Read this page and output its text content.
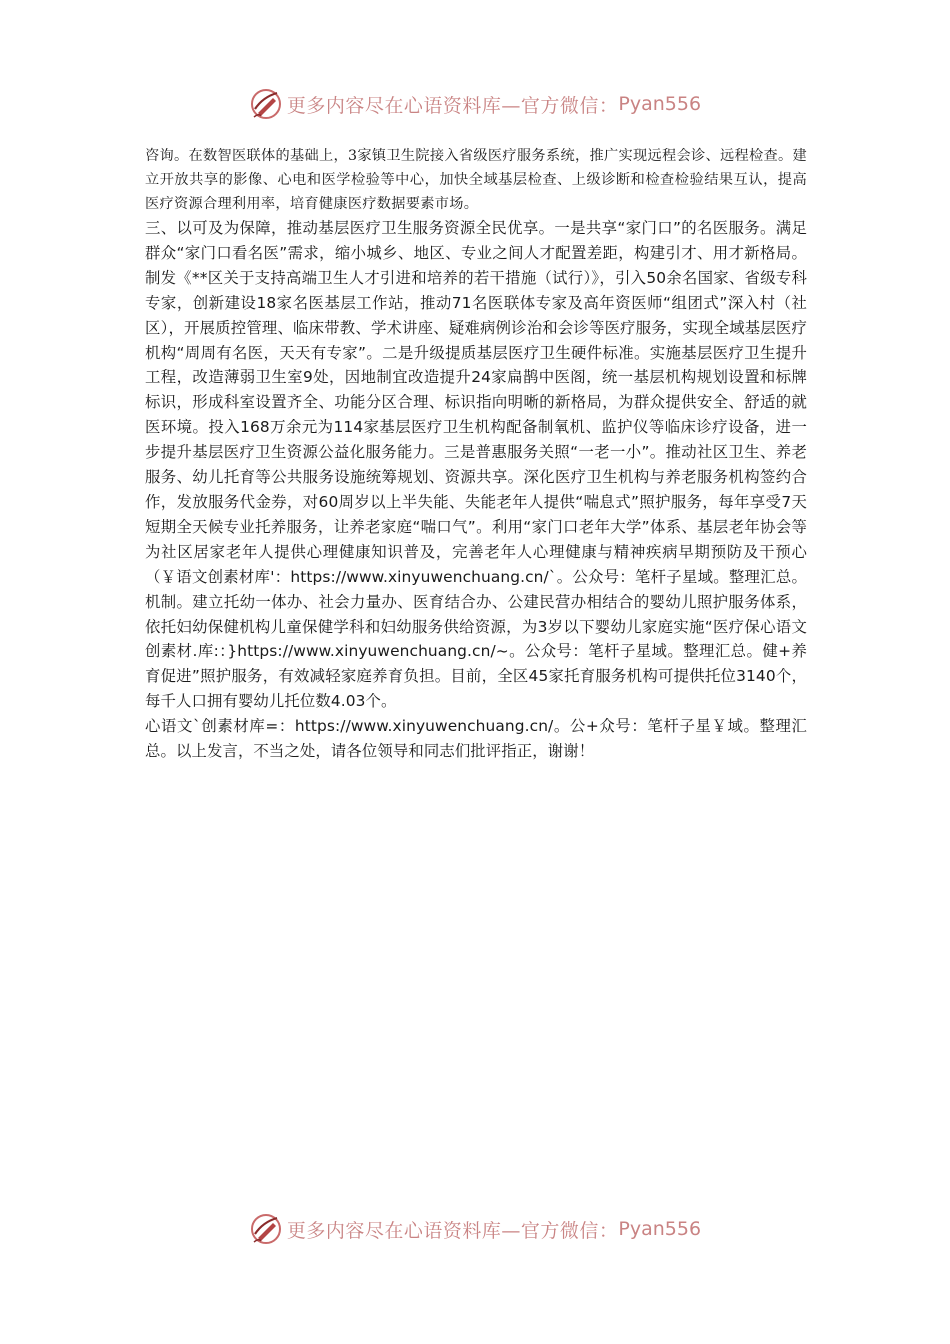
更多内容尽在心语资料库—官方微信： Pyan556

咨询。在数智医联体的基础上，3家镇卫生院接入省级医疗服务系统，推广实现远程会诊、远程检查。建立开放共享的影像、心电和医学检验等中心，加快全域基层检查、上级诊断和检查检验结果互认，提高医疗资源合理利用率，培育健康医疗数据要素市场。

三、以可及为保障，推动基层医疗卫生服务资源全民优享。一是共享“家门口”的名医服务。满足群众“家门口看名医”需求，缩小城乡、地区、专业之间人才配置差距，构建引才、用才新格局。制发《**区关于支持高端卫生人才引进和培养的若干措施（试行）》，引入50余名国家、省级专科专家，创新建设18家名医基层工作站，推动71名医联体专家及高年资医师“组团式”深入村（社区），开展质控管理、临床带教、学术讲座、疑难病例诊治和会诊等医疗服务，实现全域基层医疗机构“周周有名医，天天有专家”。二是升级提质基层医疗卫生硬件标准。实施基层医疗卫生提升工程，改造薄弱卫生室9处，因地制宜改造提升24家扁鹊中医阁，统一基层机构规划设置和标牌标识，形成科室设置齐全、功能分区合理、标识指向明晰的新格局，为群众提供安全、舒适的就医环境。投入168万余元为114家基层医疗卫生机构配备制氧机、监护仪等临床诊疗设备，进一步提升基层医疗卫生资源公益化服务能力。三是普惠服务关照“一老一小”。推动社区卫生、养老服务、幼儿托育等公共服务设施统筹规划、资源共享。深化医疗卫生机构与养老服务机构签约合作，发放服务代金券，对60周岁以上半失能、失能老年人提供“喘息式”照护服务，每年享受7天短期全天候专业托养服务，让养老家庭“喘口气”。利用“家门口老年大学”体系、基层老年协会等为社区居家老年人提供心理健康知识普及，完善老年人心理健康与精神疾病早期预防及干预心（￥语文创素材库'：https://www.xinyuwenchuang.cn/`。公众号：笔杆子星域。整理汇总。机制。建立托幼一体办、社会力量办、医育结合办、公建民营办相结合的婴幼儿照护服务体系，依托妇幼保健机构儿童保健学科和妇幼服务供给资源，为3岁以下婴幼儿家庭实施“医疗保心语文创素材.库:：}https://www.xinyuwenchuang.cn/~。公众号：笔杆子星域。整理汇总。健+养育促进”照护服务，有效减轻家庭养育负担。目前，全区45家托育服务机构可提供托位3140个，每千人口拥有婴幼儿托位数4.03个。

心语文`创素材库=：https://www.xinyuwenchuang.cn/。公+众号：笔杆子星￥域。整理汇总。以上发言，不当之处，请各位领导和同志们批评指正，谢谢！

更多内容尽在心语资料库—官方微信： Pyan556
